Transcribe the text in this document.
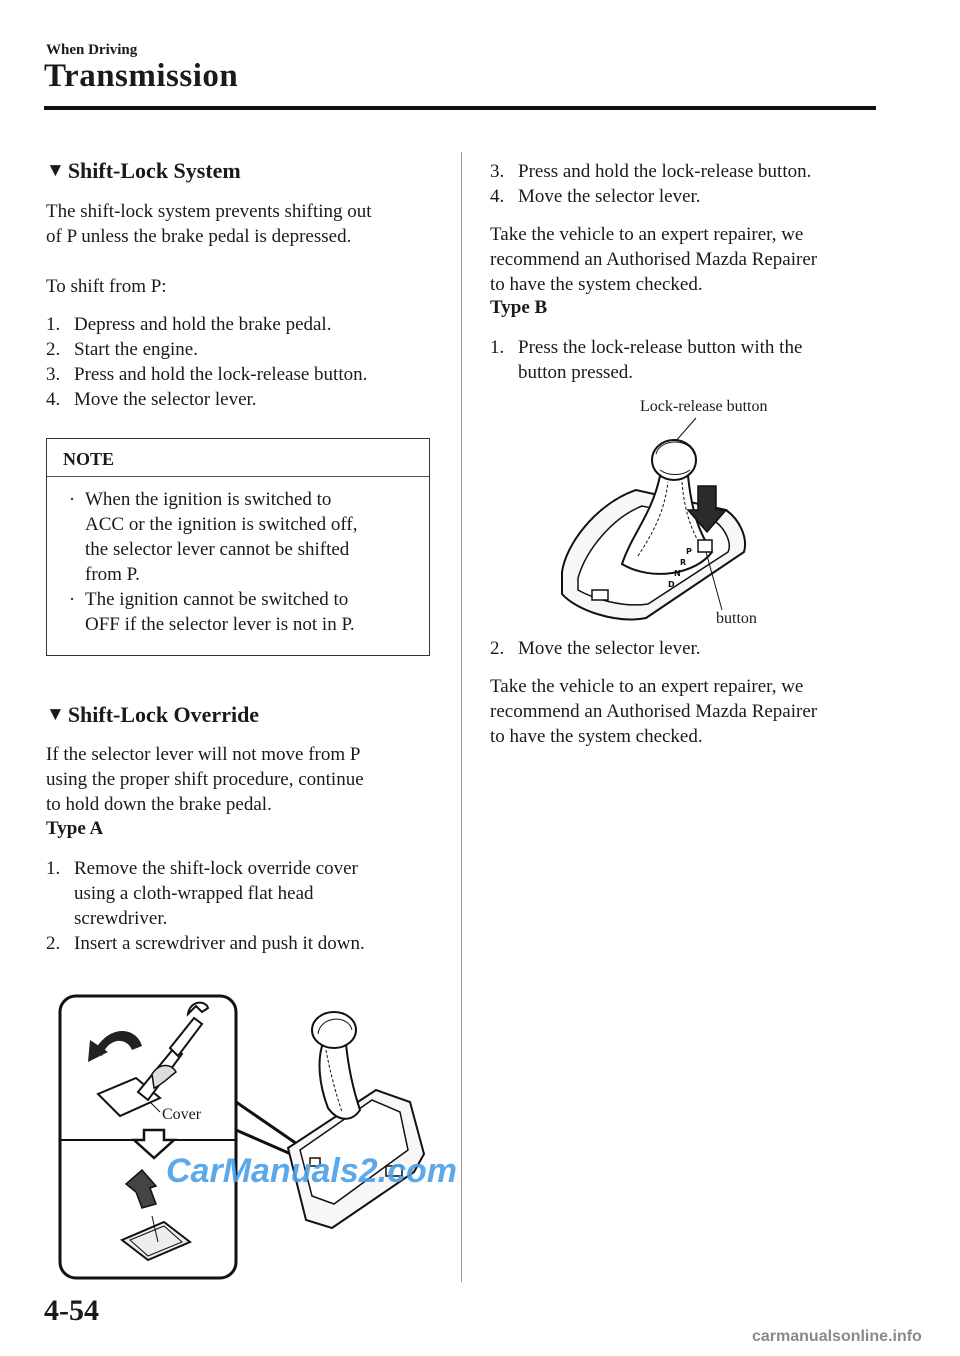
When Driving
Transmission
▼ Shift-Lock System
The shift-lock system prevents shifting out
of P unless the brake pedal is depressed.
To shift from P:
1. Depress and hold the brake pedal.
2. Start the engine.
3. Press and hold the lock-release button.
4. Move the selector lever.
NOTE
· When the ignition is switched to
ACC or the ignition is switched off,
the selector lever cannot be shifted
from P.
· The ignition cannot be switched to
OFF if the selector lever is not in P.
▼ Shift-Lock Override
If the selector lever will not move from P
using the proper shift procedure, continue
to hold down the brake pedal.
Type A
1. Remove the shift-lock override cover
using a cloth-wrapped flat head
screwdriver.
2. Insert a screwdriver and push it down.
Cover
3. Press and hold the lock-release button.
4. Move the selector lever.
Take the vehicle to an expert repairer, we
recommend an Authorised Mazda Repairer
to have the system checked.
Type B
1. Press the lock-release button with the
button pressed.
Lock-release button
P
R
N
D
button
2. Move the selector lever.
Take the vehicle to an expert repairer, we
recommend an Authorised Mazda Repairer
to have the system checked.
CarManuals2.com
4-54
carmanualsonline.info
